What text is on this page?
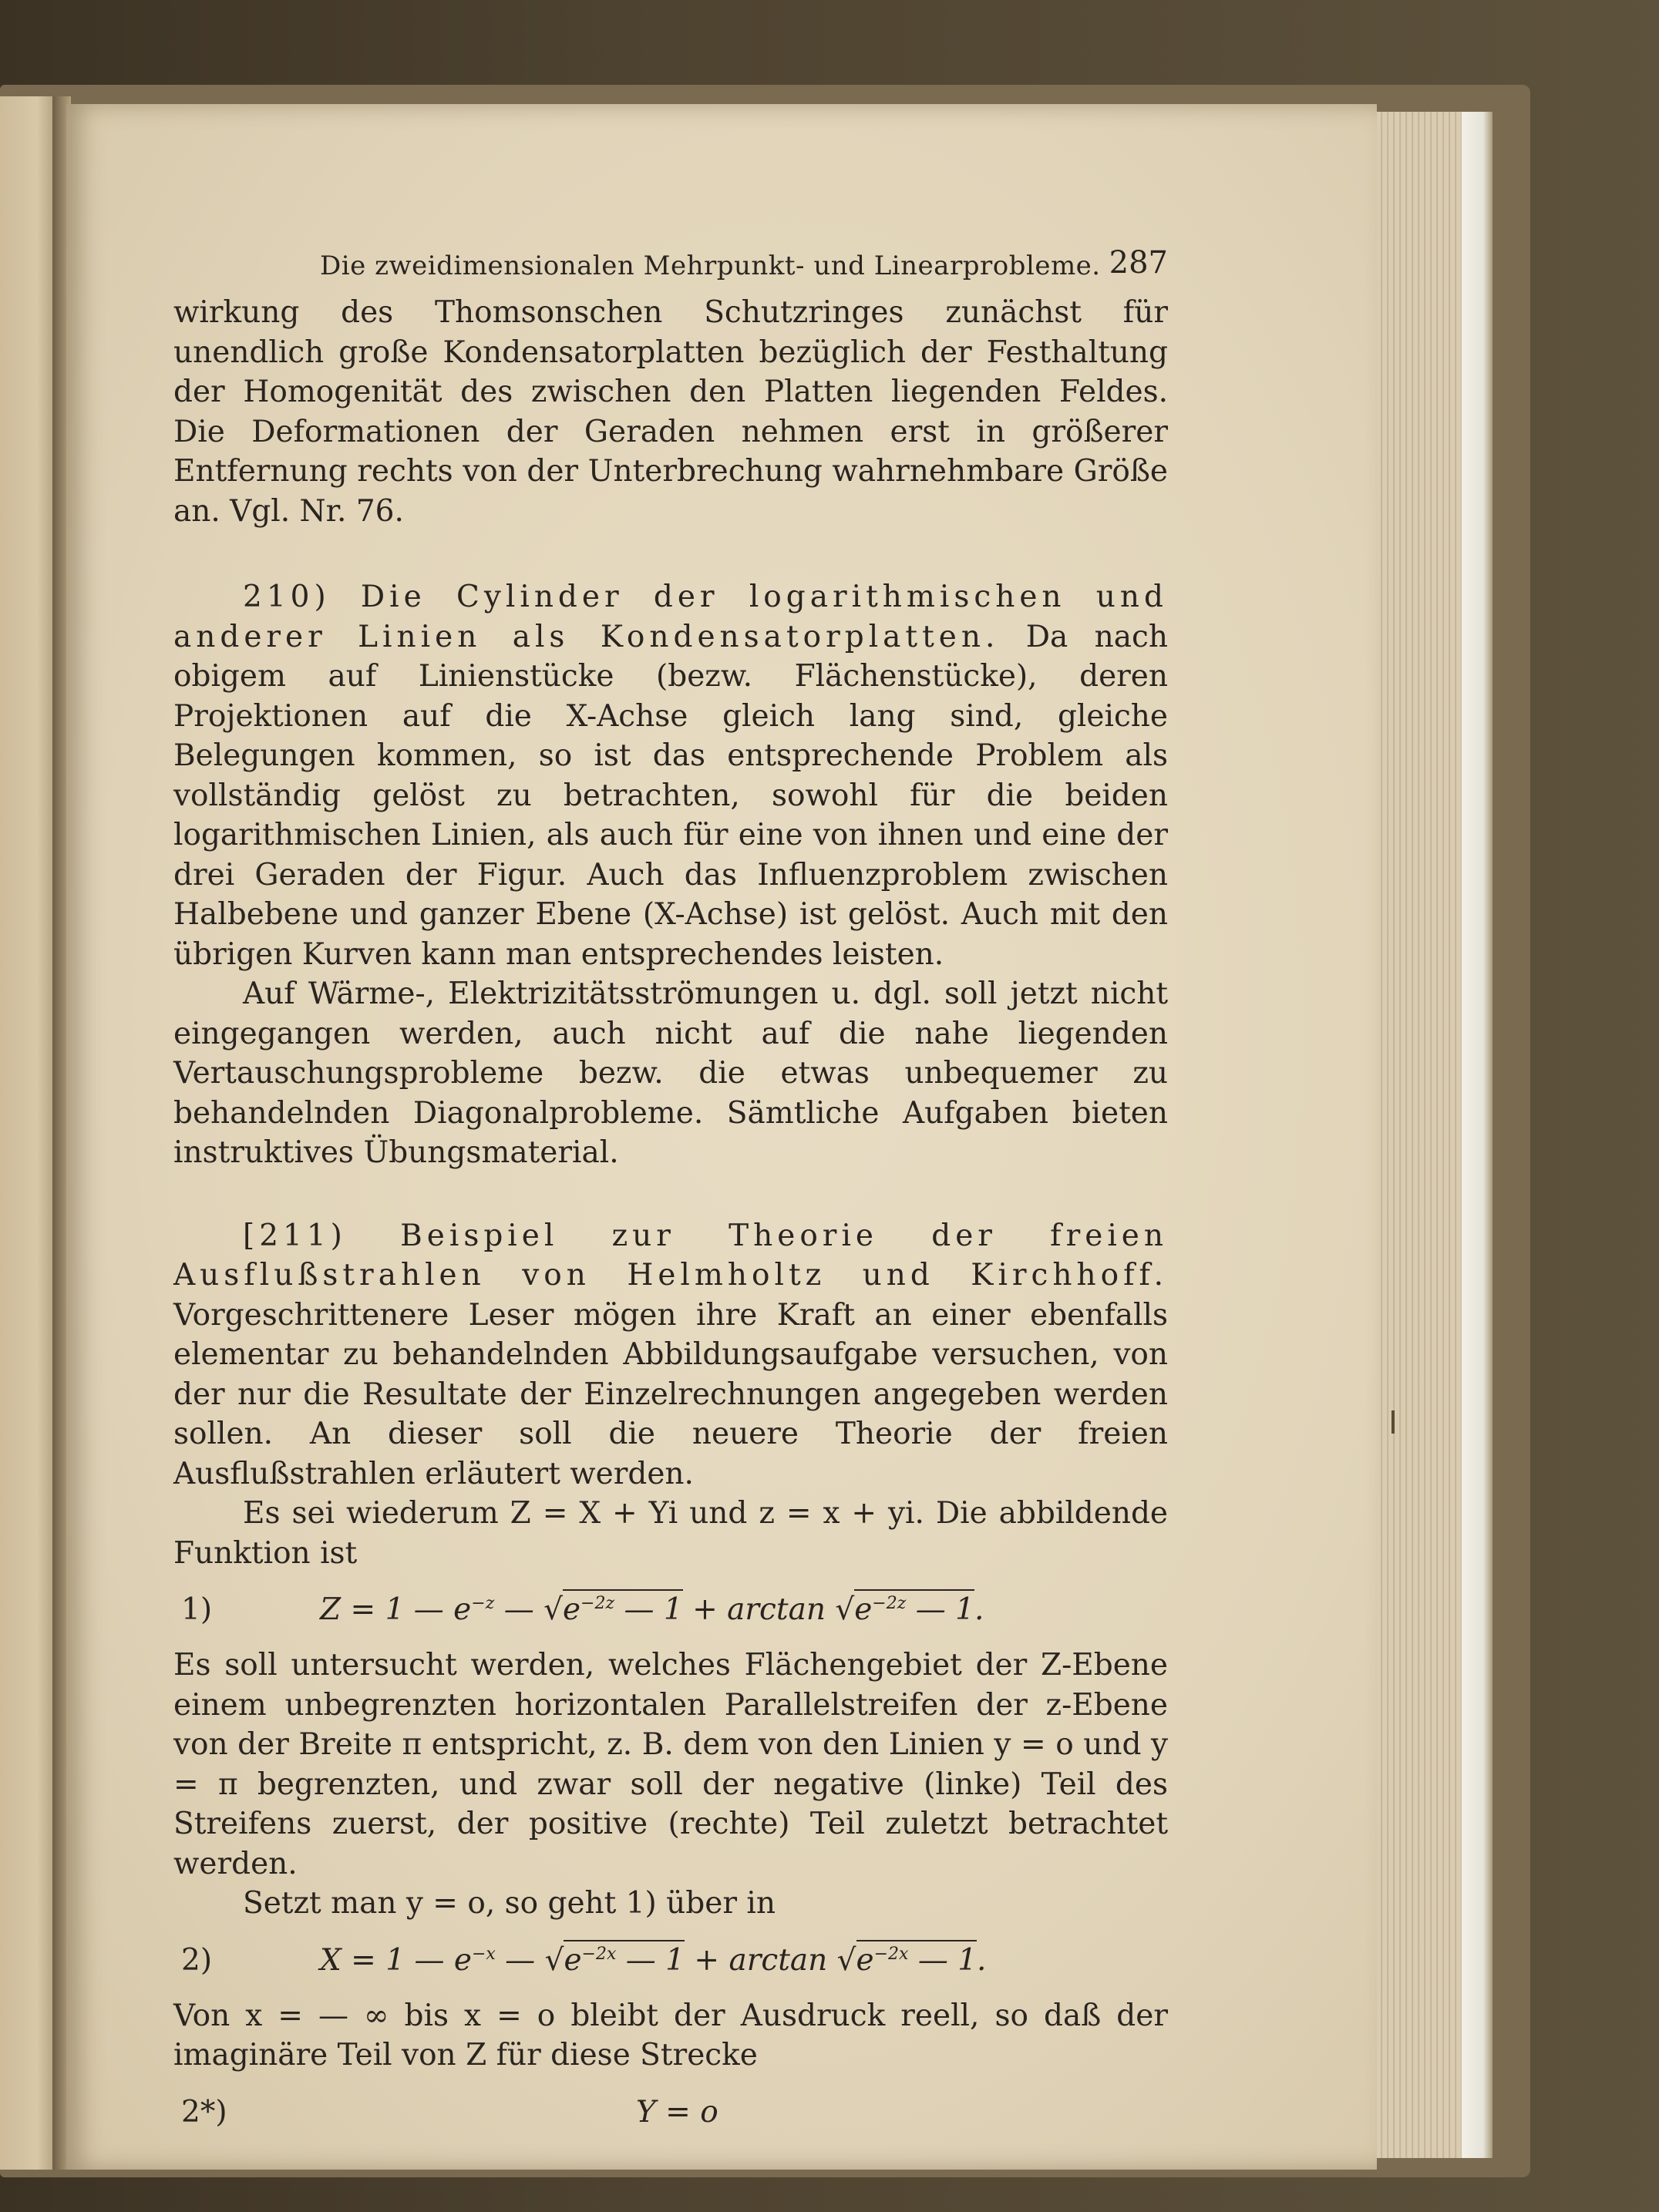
Die zweidimensionalen Mehrpunkt- und Linearprobleme. 287

wirkung des Thomsonschen Schutzringes zunächst für unendlich große Kondensatorplatten bezüglich der Festhaltung der Homogenität des zwischen den Platten liegenden Feldes. Die Deformationen der Geraden nehmen erst in größerer Entfernung rechts von der Unterbrechung wahrnehmbare Größe an. Vgl. Nr. 76.

210) Die Cylinder der logarithmischen und anderer Linien als Kondensatorplatten. Da nach obigem auf Linienstücke (bezw. Flächenstücke), deren Projektionen auf die X-Achse gleich lang sind, gleiche Belegungen kommen, so ist das entsprechende Problem als vollständig gelöst zu betrachten, sowohl für die beiden logarithmischen Linien, als auch für eine von ihnen und eine der drei Geraden der Figur. Auch das Influenzproblem zwischen Halbebene und ganzer Ebene (X-Achse) ist gelöst. Auch mit den übrigen Kurven kann man entsprechendes leisten.

Auf Wärme-, Elektrizitätsströmungen u. dgl. soll jetzt nicht eingegangen werden, auch nicht auf die nahe liegenden Vertauschungsprobleme bezw. die etwas unbequemer zu behandelnden Diagonalprobleme. Sämtliche Aufgaben bieten instruktives Übungsmaterial.

[211) Beispiel zur Theorie der freien Ausflußstrahlen von Helmholtz und Kirchhoff. Vorgeschrittenere Leser mögen ihre Kraft an einer ebenfalls elementar zu behandelnden Abbildungsaufgabe versuchen, von der nur die Resultate der Einzelrechnungen angegeben werden sollen. An dieser soll die neuere Theorie der freien Ausflußstrahlen erläutert werden.

Es sei wiederum Z = X + Yi und z = x + yi. Die abbildende Funktion ist

1)	Z = 1 — $e^{-z}$ — $√e^{-2z}$ — $1 + \arctan √e^{-2z}$ — 1.

Es soll untersucht werden, welches Flächengebiet der Z-Ebene einem unbegrenzten horizontalen Parallelstreifen der z-Ebene von der Breite π entspricht, z. B. dem von den Linien y = o und y = π begrenzten, und zwar soll der negative (linke) Teil des Streifens zuerst, der positive (rechte) Teil zuletzt betrachtet werden.

Setzt man y = o, so geht 1) über in

2)	X = 1 — $e^{-x}$ — $√e^{-2x}$ — $1 + \arctan √e^{-2x}$ — 1.

Von x = — ∞ bis x = o bleibt der Ausdruck reell, so daß der imaginäre Teil von Z für diese Strecke

2*)	Y = o
